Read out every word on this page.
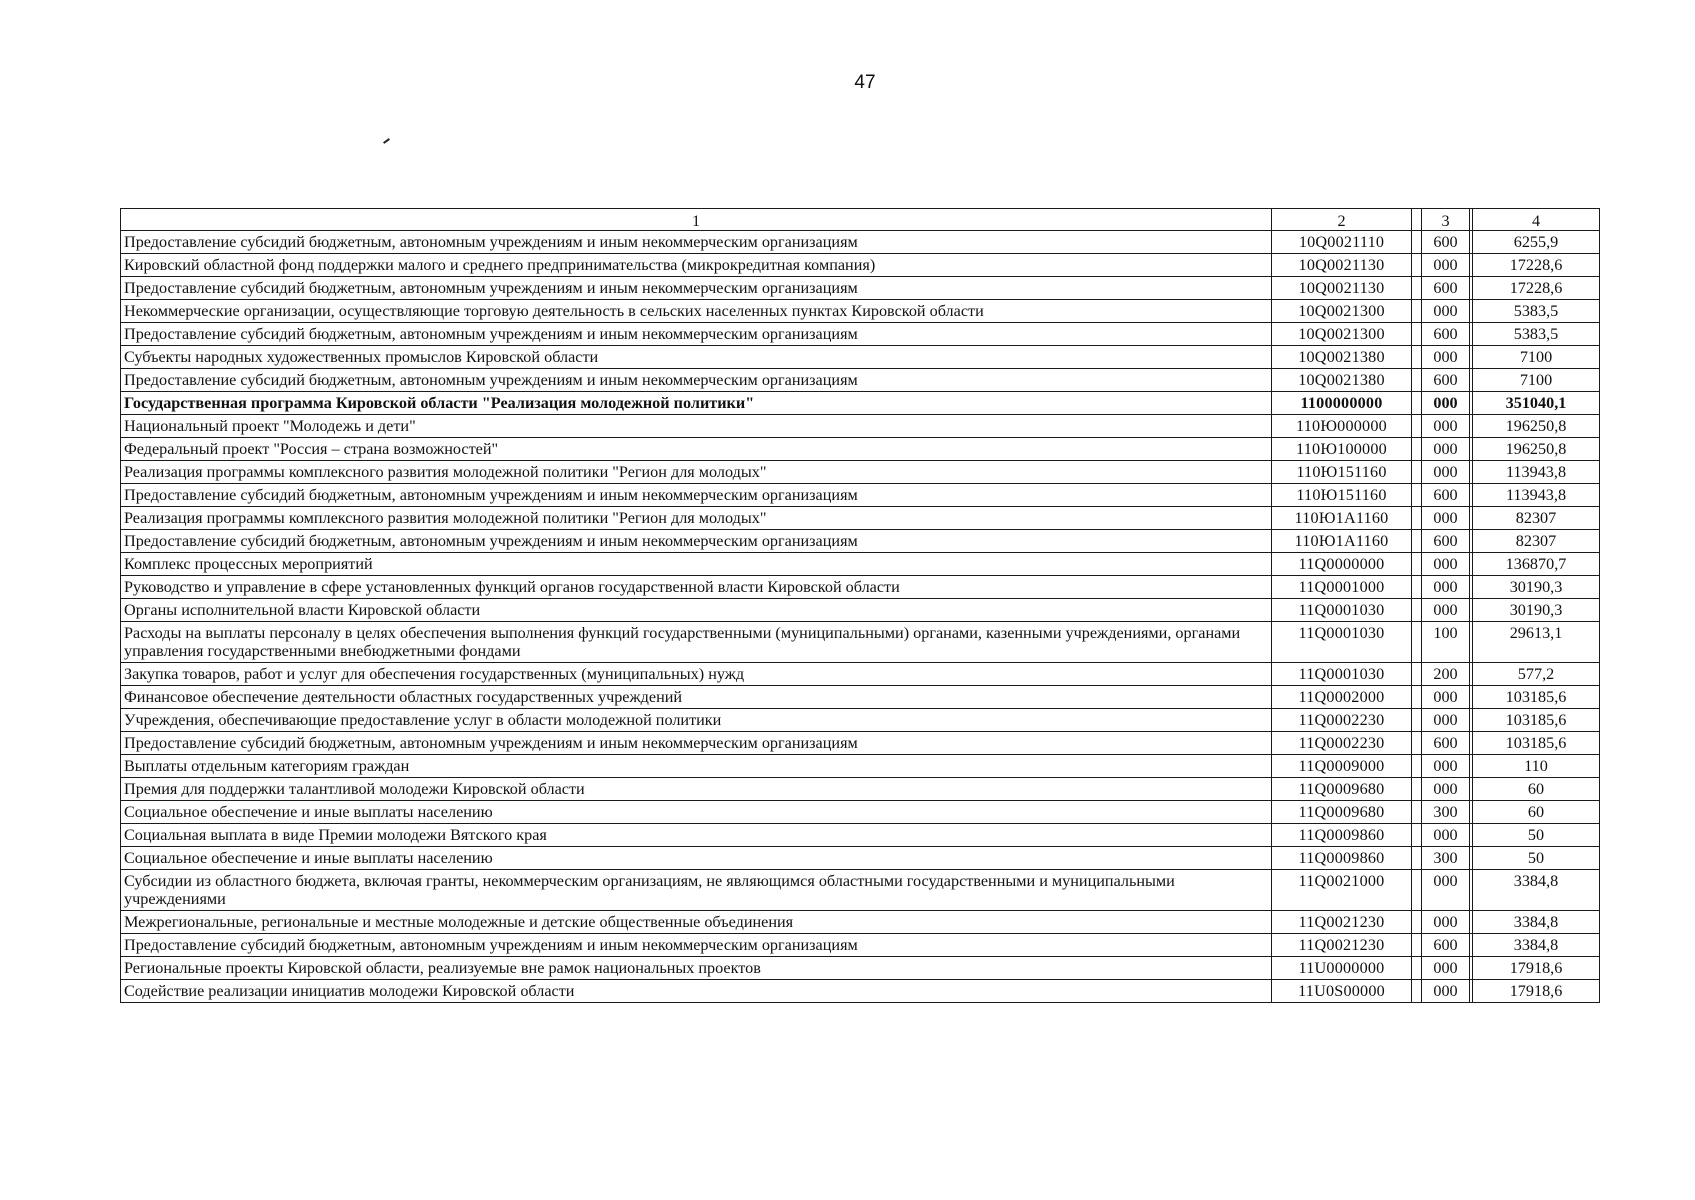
47
1	2		3		4
Предоставление субсидий бюджетным, автономным учреждениям и иным некоммерческим организациям	10Q0021110		600		6255,9
Кировский областной фонд поддержки малого и среднего предпринимательства (микрокредитная компания)	10Q0021130		000		17228,6
Предоставление субсидий бюджетным, автономным учреждениям и иным некоммерческим организациям	10Q0021130		600		17228,6
Некоммерческие организации, осуществляющие торговую деятельность в сельских населенных пунктах Кировской области	10Q0021300		000		5383,5
Предоставление субсидий бюджетным, автономным учреждениям и иным некоммерческим организациям	10Q0021300		600		5383,5
Субъекты народных художественных промыслов Кировской области	10Q0021380		000		7100
Предоставление субсидий бюджетным, автономным учреждениям и иным некоммерческим организациям	10Q0021380		600		7100
Государственная программа Кировской области "Реализация молодежной политики"	1100000000		000		351040,1
Национальный проект "Молодежь и дети"	110Ю000000		000		196250,8
Федеральный проект "Россия – страна возможностей"	110Ю100000		000		196250,8
Реализация программы комплексного развития молодежной политики "Регион для молодых"	110Ю151160		000		113943,8
Предоставление субсидий бюджетным, автономным учреждениям и иным некоммерческим организациям	110Ю151160		600		113943,8
Реализация программы комплексного развития молодежной политики "Регион для молодых"	110Ю1А1160		000		82307
Предоставление субсидий бюджетным, автономным учреждениям и иным некоммерческим организациям	110Ю1А1160		600		82307
Комплекс процессных мероприятий	11Q0000000		000		136870,7
Руководство и управление в сфере установленных функций органов государственной власти Кировской области	11Q0001000		000		30190,3
Органы исполнительной власти Кировской области	11Q0001030		000		30190,3
Расходы на выплаты персоналу в целях обеспечения выполнения функций государственными (муниципальными) органами, казенными учреждениями, органами управления государственными внебюджетными фондами	11Q0001030		100		29613,1
Закупка товаров, работ и услуг для обеспечения государственных (муниципальных) нужд	11Q0001030		200		577,2
Финансовое обеспечение деятельности областных государственных учреждений	11Q0002000		000		103185,6
Учреждения, обеспечивающие предоставление услуг в области молодежной политики	11Q0002230		000		103185,6
Предоставление субсидий бюджетным, автономным учреждениям и иным некоммерческим организациям	11Q0002230		600		103185,6
Выплаты отдельным категориям граждан	11Q0009000		000		110
Премия для поддержки талантливой молодежи Кировской области	11Q0009680		000		60
Социальное обеспечение и иные выплаты населению	11Q0009680		300		60
Социальная выплата в виде Премии молодежи Вятского края	11Q0009860		000		50
Социальное обеспечение и иные выплаты населению	11Q0009860		300		50
Субсидии из областного бюджета, включая гранты, некоммерческим организациям, не являющимся областными государственными и муниципальными учреждениями	11Q0021000		000		3384,8
Межрегиональные, региональные и местные молодежные и детские общественные объединения	11Q0021230		000		3384,8
Предоставление субсидий бюджетным, автономным учреждениям и иным некоммерческим организациям	11Q0021230		600		3384,8
Региональные проекты Кировской области, реализуемые вне рамок национальных проектов	11U0000000		000		17918,6
Содействие реализации инициатив молодежи Кировской области	11U0S00000		000		17918,6
